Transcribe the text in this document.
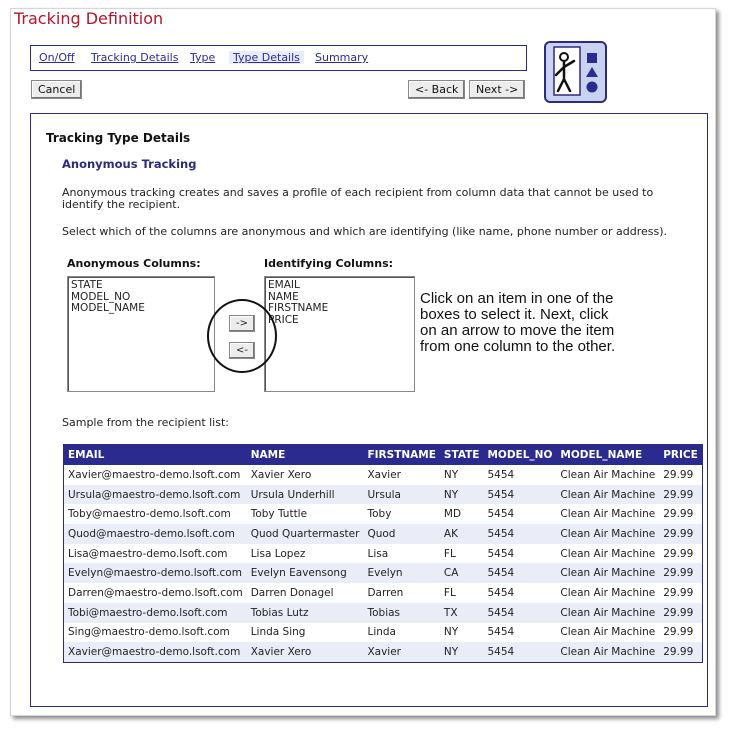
Tracking Definition
On/Off Tracking Details Type	Type Details	Summary
Cancel	<- Back	Next ->
Tracking Type Details
Anonymous Tracking
Anonymous tracking creates and saves a profile of each recipient from column data that cannot be used to identify the recipient.
Select which of the columns are anonymous and which are identifying (like name, phone number or address).
Anonymous Columns:	Identifying Columns:
STATE
MODEL_NO
MODEL_NAME
EMAIL
NAME
FIRSTNAME
PRICE
->
<-
Click on an item in one of the boxes to select it. Next, click on an arrow to move the item from one column to the other.
Sample from the recipient list:
EMAIL	NAME	FIRSTNAME	STATE	MODEL_NO	MODEL_NAME	PRICE
Xavier@maestro-demo.lsoft.com	Xavier Xero	Xavier	NY	5454	Clean Air Machine	29.99
Ursula@maestro-demo.lsoft.com	Ursula Underhill	Ursula	NY	5454	Clean Air Machine	29.99
Toby@maestro-demo.lsoft.com	Toby Tuttle	Toby	MD	5454	Clean Air Machine	29.99
Quod@maestro-demo.lsoft.com	Quod Quartermaster	Quod	AK	5454	Clean Air Machine	29.99
Lisa@maestro-demo.lsoft.com	Lisa Lopez	Lisa	FL	5454	Clean Air Machine	29.99
Evelyn@maestro-demo.lsoft.com	Evelyn Eavensong	Evelyn	CA	5454	Clean Air Machine	29.99
Darren@maestro-demo.lsoft.com	Darren Donagel	Darren	FL	5454	Clean Air Machine	29.99
Tobi@maestro-demo.lsoft.com	Tobias Lutz	Tobias	TX	5454	Clean Air Machine	29.99
Sing@maestro-demo.lsoft.com	Linda Sing	Linda	NY	5454	Clean Air Machine	29.99
Xavier@maestro-demo.lsoft.com	Xavier Xero	Xavier	NY	5454	Clean Air Machine	29.99
